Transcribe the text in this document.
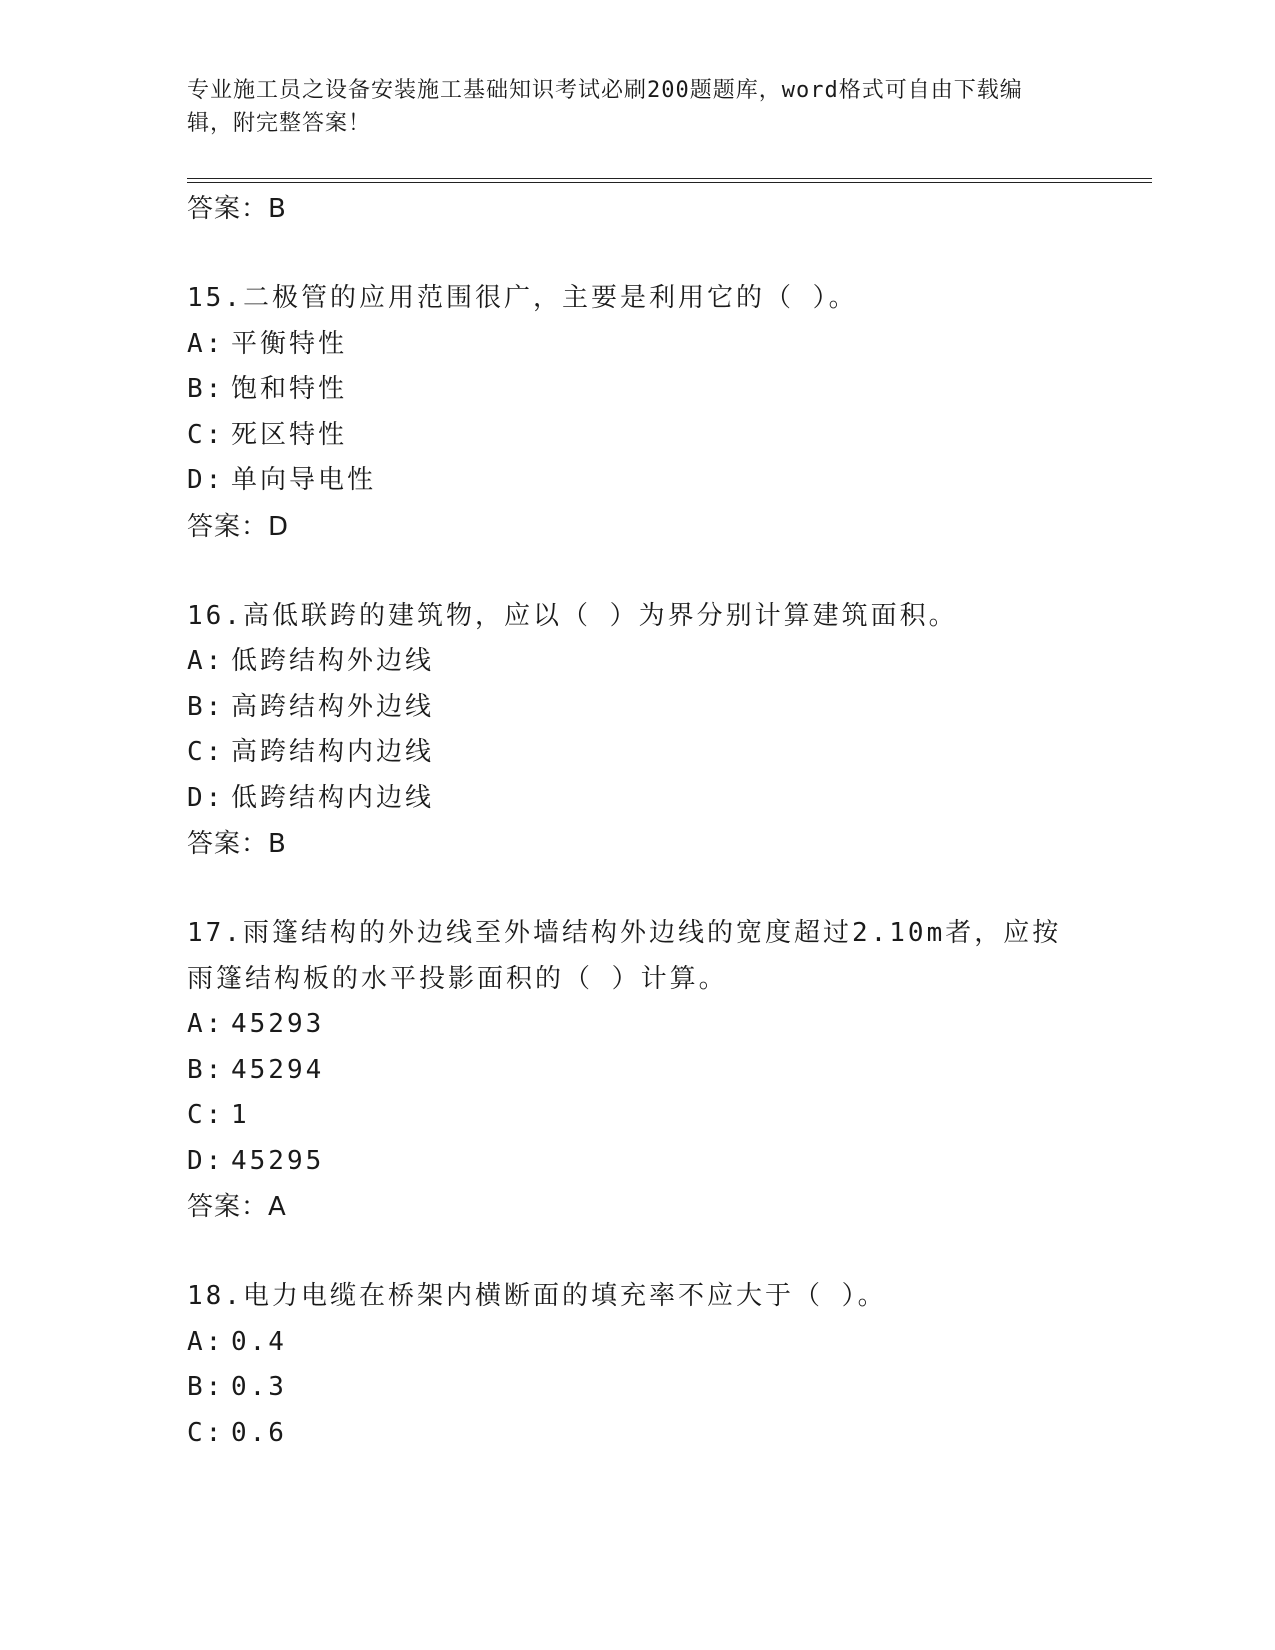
专业施工员之设备安装施工基础知识考试必刷200题题库，word格式可自由下载编辑，附完整答案！
答案：B
15.二极管的应用范围很广，主要是利用它的（ ）。
A: 平衡特性
B: 饱和特性
C: 死区特性
D: 单向导电性
答案：D
16.高低联跨的建筑物，应以（ ）为界分别计算建筑面积。
A: 低跨结构外边线
B: 高跨结构外边线
C: 高跨结构内边线
D: 低跨结构内边线
答案：B
17.雨篷结构的外边线至外墙结构外边线的宽度超过2.10m者，应按雨篷结构板的水平投影面积的（ ）计算。
A: 45293
B: 45294
C: 1
D: 45295
答案：A
18.电力电缆在桥架内横断面的填充率不应大于（ ）。
A: 0.4
B: 0.3
C: 0.6
